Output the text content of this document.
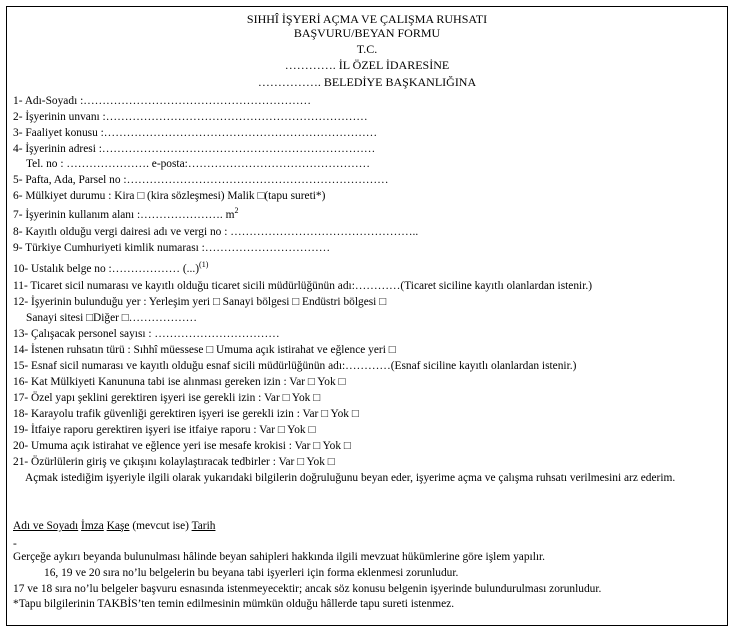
SIHHÎ İŞYERİ AÇMA VE ÇALIŞMA RUHSATI
BAŞVURU/BEYAN FORMU
T.C.
…………. İL ÖZEL İDARESİNE
……………. BELEDİYE BAŞKANLIĞINA
1- Adı-Soyadı :……………………………………………………
2- İşyerinin unvanı :……………………………………………………………
3- Faaliyet konusu :………………………………………………………………
4- İşyerinin adresi :………………………………………………………………
Tel. no : …………………. e-posta:…………………………………………
5- Pafta, Ada, Parsel no :……………………………………………………………
6- Mülkiyet durumu : Kira □ (kira sözleşmesi) Malik □(tapu sureti*)
7- İşyerinin kullanım alanı :…………………. $m^2$
8- Kayıtlı olduğu vergi dairesi adı ve vergi no : …………………………………………..
9- Türkiye Cumhuriyeti kimlik numarası :……………………………
10- Ustalık belge no :……………… (...)$^{(1)}$
11- Ticaret sicil numarası ve kayıtlı olduğu ticaret sicili müdürlüğünün adı:…………(Ticaret siciline kayıtlı olanlardan istenir.)
12- İşyerinin bulunduğu yer : Yerleşim yeri □ Sanayi bölgesi □ Endüstri bölgesi □
Sanayi sitesi □Diğer □………………
13- Çalışacak personel sayısı : ……………………………
14- İstenen ruhsatın türü : Sıhhî müessese □ Umuma açık istirahat ve eğlence yeri □
15- Esnaf sicil numarası ve kayıtlı olduğu esnaf sicili müdürlüğünün adı:…………(Esnaf siciline kayıtlı olanlardan istenir.)
16- Kat Mülkiyeti Kanununa tabi ise alınması gereken izin : Var □ Yok □
17- Özel yapı şeklini gerektiren işyeri ise gerekli izin : Var □ Yok □
18- Karayolu trafik güvenliği gerektiren işyeri ise gerekli izin : Var □ Yok □
19- İtfaiye raporu gerektiren işyeri ise itfaiye raporu : Var □ Yok □
20- Umuma açık istirahat ve eğlence yeri ise mesafe krokisi : Var □ Yok □
21- Özürlülerin giriş ve çıkışını kolaylaştıracak tedbirler : Var □ Yok □
Açmak istediğim işyeriyle ilgili olarak yukarıdaki bilgilerin doğruluğunu beyan eder, işyerime açma ve çalışma ruhsatı verilmesini arz ederim.
Adı ve Soyadı İmza Kaşe (mevcut ise) Tarih
-
Gerçeğe aykırı beyanda bulunulması hâlinde beyan sahipleri hakkında ilgili mevzuat hükümlerine göre işlem yapılır.
16, 19 ve 20 sıra no’lu belgelerin bu beyana tabi işyerleri için forma eklenmesi zorunludur.
17 ve 18 sıra no’lu belgeler başvuru esnasında istenmeyecektir; ancak söz konusu belgenin işyerinde bulundurulması zorunludur.
*Tapu bilgilerinin TAKBİS’ten temin edilmesinin mümkün olduğu hâllerde tapu sureti istenmez.
